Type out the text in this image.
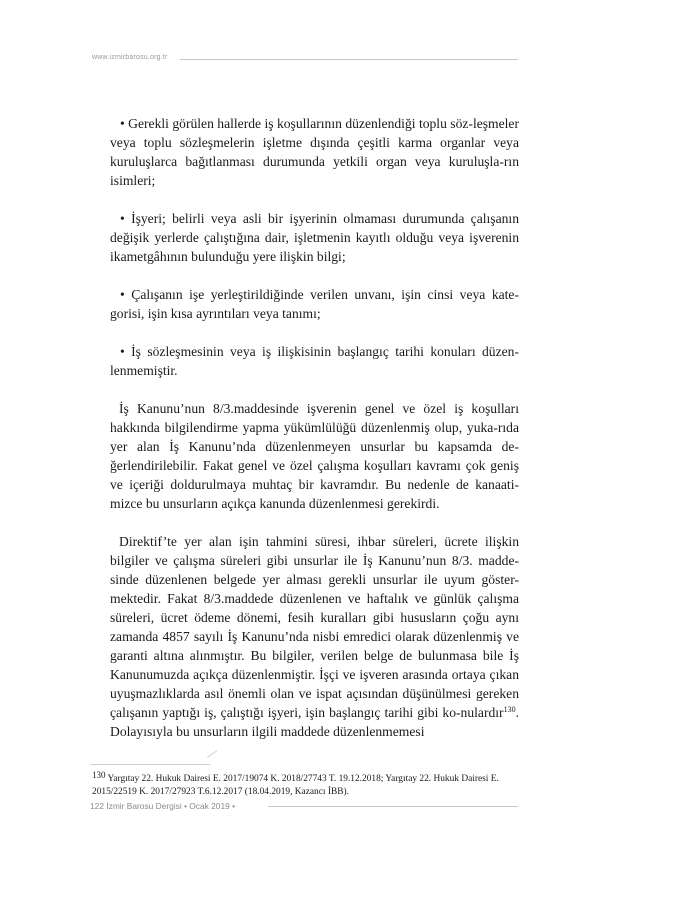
www.izmirbarosu.org.tr

• Gerekli görülen hallerde iş koşullarının düzenlendiği toplu söz-leşmeler veya toplu sözleşmelerin işletme dışında çeşitli karma organlar veya kuruluşlarca bağıtlanması durumunda yetkili organ veya kuruluşla-rın isimleri;

• İşyeri; belirli veya asli bir işyerinin olmaması durumunda çalışanın değişik yerlerde çalıştığına dair, işletmenin kayıtlı olduğu veya işverenin ikametgâhının bulunduğu yere ilişkin bilgi;

• Çalışanın işe yerleştirildiğinde verilen unvanı, işin cinsi veya kate-gorisi, işin kısa ayrıntıları veya tanımı;

• İş sözleşmesinin veya iş ilişkisinin başlangıç tarihi konuları düzen-lenmemiştir.

İş Kanunu’nun 8/3.maddesinde işverenin genel ve özel iş koşulları hakkında bilgilendirme yapma yükümlülüğü düzenlenmiş olup, yuka-rıda yer alan İş Kanunu’nda düzenlenmeyen unsurlar bu kapsamda de-ğerlendirilebilir. Fakat genel ve özel çalışma koşulları kavramı çok geniş ve içeriği doldurulmaya muhtaç bir kavramdır. Bu nedenle de kanaati-mizce bu unsurların açıkça kanunda düzenlenmesi gerekirdi.

Direktif’te yer alan işin tahmini süresi, ihbar süreleri, ücrete ilişkin bilgiler ve çalışma süreleri gibi unsurlar ile İş Kanunu’nun 8/3. madde-sinde düzenlenen belgede yer alması gerekli unsurlar ile uyum göster-mektedir. Fakat 8/3.maddede düzenlenen ve haftalık ve günlük çalışma süreleri, ücret ödeme dönemi, fesih kuralları gibi hususların çoğu aynı zamanda 4857 sayılı İş Kanunu’nda nisbi emredici olarak düzenlenmiş ve garanti altına alınmıştır. Bu bilgiler, verilen belge de bulunmasa bile İş Kanunumuzda açıkça düzenlenmiştir. İşçi ve işveren arasında ortaya çıkan uyuşmazlıklarda asıl önemli olan ve ispat açısından düşünülmesi gereken çalışanın yaptığı iş, çalıştığı işyeri, işin başlangıç tarihi gibi ko-nulardır$^{130}$. Dolayısıyla bu unsurların ilgili maddede düzenlenmemesi

130 Yargıtay 22. Hukuk Dairesi E. 2017/19074 K. 2018/27743 T. 19.12.2018; Yargıtay 22. Hukuk Dairesi E. 2015/22519 K. 2017/27923 T.6.12.2017 (18.04.2019, Kazancı İBB).
122 İzmir Barosu Dergisi • Ocak 2019 •
